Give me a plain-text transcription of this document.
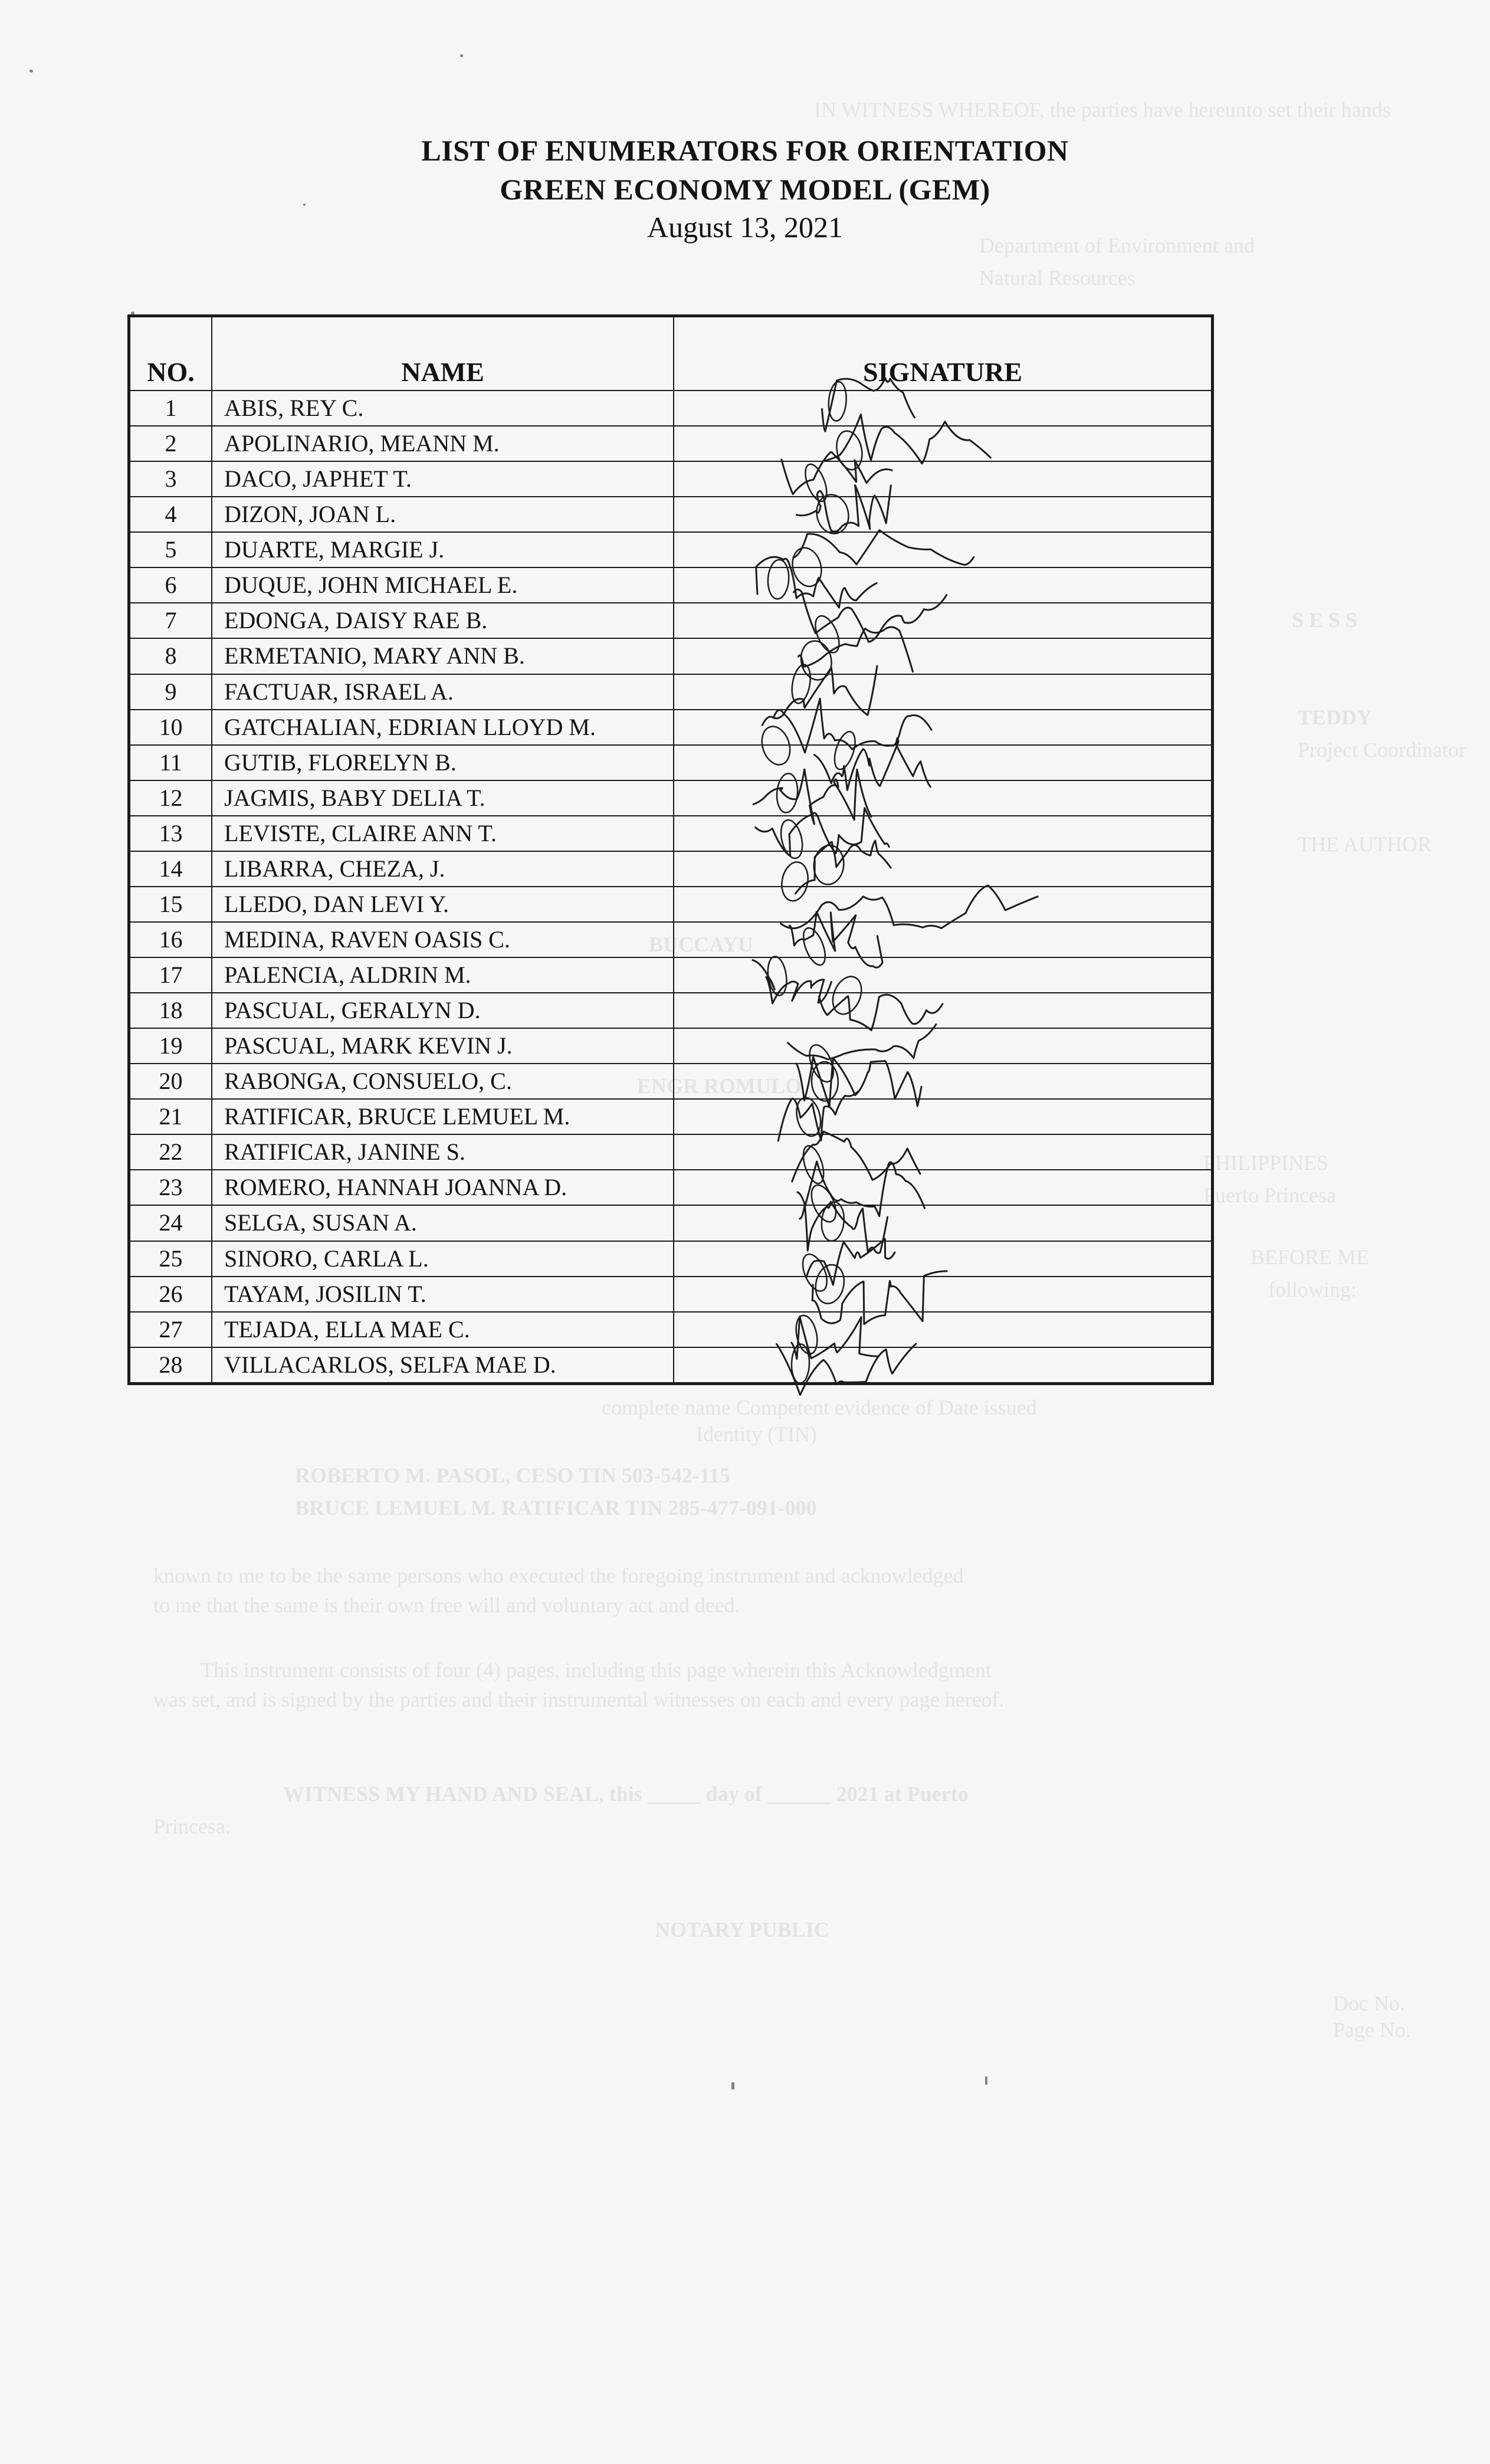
IN WITNESS WHEREOF, the parties have hereunto set their hands
Department of Environment and
Natural Resources
S E S S
TEDDY
Project Coordinator
THE AUTHOR
BUCCAYU
ENGR ROMULO
PHILIPPINES
Puerto Princesa
BEFORE ME
following:
complete name Competent evidence of Date issued
Identity (TIN)
ROBERTO M. PASOL, CESO TIN 503-542-115
BRUCE LEMUEL M. RATIFICAR TIN 285-477-091-000
known to me to be the same persons who executed the foregoing instrument and acknowledged
to me that the same is their own free will and voluntary act and deed.
This instrument consists of four (4) pages, including this page wherein this Acknowledgment
was set, and is signed by the parties and their instrumental witnesses on each and every page hereof.
WITNESS MY HAND AND SEAL, this _____ day of ______ 2021 at Puerto
Princesa.
NOTARY PUBLIC
Doc No.
Page No.
LIST OF ENUMERATORS FOR ORIENTATION
GREEN ECONOMY MODEL (GEM)
August 13, 2021
NO.	NAME	SIGNATURE
1	ABIS, REY C.	
2	APOLINARIO, MEANN M.	
3	DACO, JAPHET T.	
4	DIZON, JOAN L.	
5	DUARTE, MARGIE J.	
6	DUQUE, JOHN MICHAEL E.	
7	EDONGA, DAISY RAE B.	
8	ERMETANIO, MARY ANN B.	
9	FACTUAR, ISRAEL A.	
10	GATCHALIAN, EDRIAN LLOYD M.	
11	GUTIB, FLORELYN B.	
12	JAGMIS, BABY DELIA T.	
13	LEVISTE, CLAIRE ANN T.	
14	LIBARRA, CHEZA, J.	
15	LLEDO, DAN LEVI Y.	
16	MEDINA, RAVEN OASIS C.	
17	PALENCIA, ALDRIN M.	
18	PASCUAL, GERALYN D.	
19	PASCUAL, MARK KEVIN J.	
20	RABONGA, CONSUELO, C.	
21	RATIFICAR, BRUCE LEMUEL M.	
22	RATIFICAR, JANINE S.	
23	ROMERO, HANNAH JOANNA D.	
24	SELGA, SUSAN A.	
25	SINORO, CARLA L.	
26	TAYAM, JOSILIN T.	
27	TEJADA, ELLA MAE C.	
28	VILLACARLOS, SELFA MAE D.	
